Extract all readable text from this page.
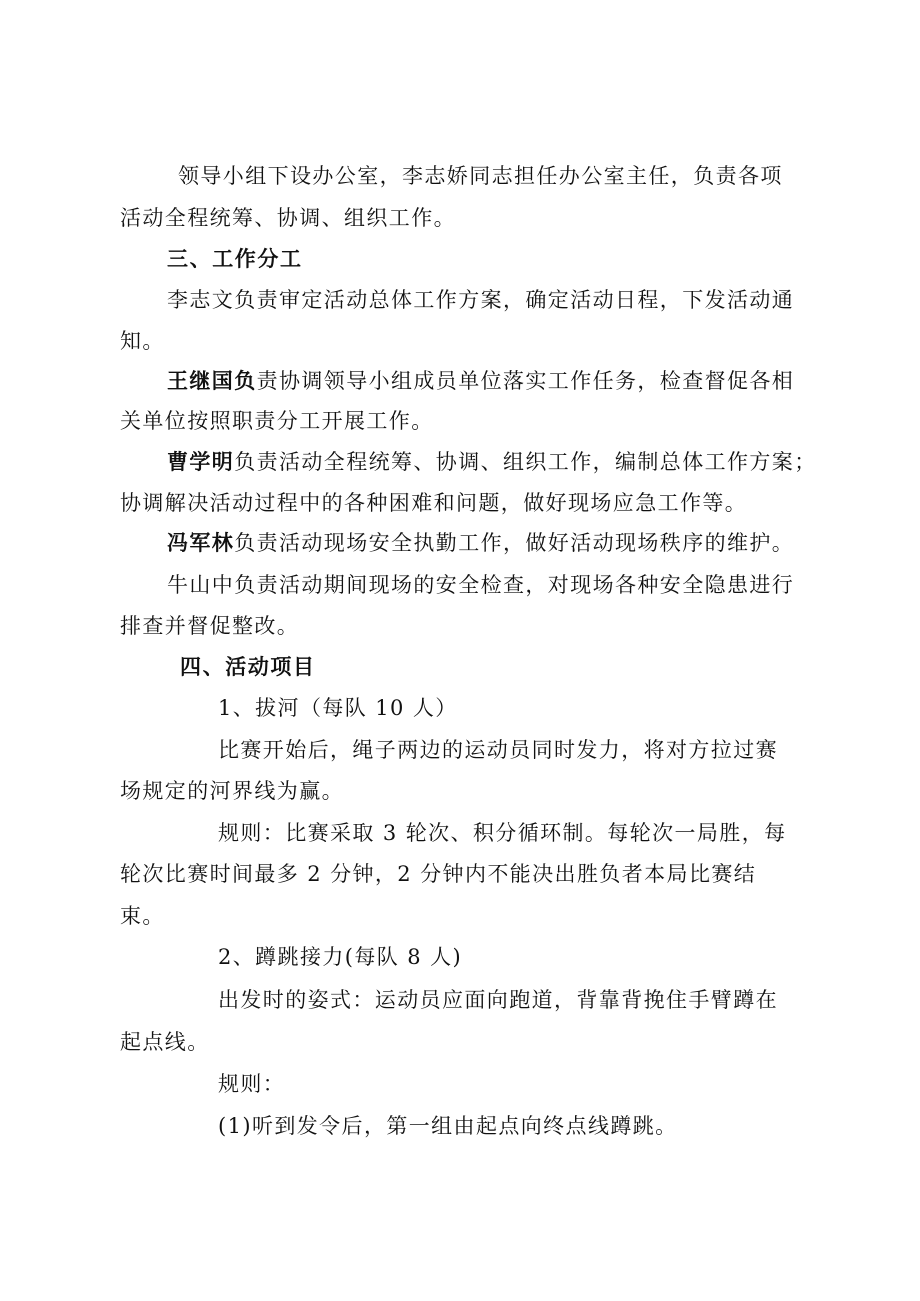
领导小组下设办公室，李志娇同志担任办公室主任，负责各项
活动全程统筹、协调、组织工作。
三、工作分工
李志文负责审定活动总体工作方案，确定活动日程，下发活动通
知。
王继国负责协调领导小组成员单位落实工作任务，检查督促各相
关单位按照职责分工开展工作。
曹学明负责活动全程统筹、协调、组织工作，编制总体工作方案；
协调解决活动过程中的各种困难和问题，做好现场应急工作等。
冯军林负责活动现场安全执勤工作，做好活动现场秩序的维护。
牛山中负责活动期间现场的安全检查，对现场各种安全隐患进行
排查并督促整改。
四、活动项目
1、拔河（每队 10 人）
比赛开始后，绳子两边的运动员同时发力，将对方拉过赛
场规定的河界线为赢。
规则：比赛采取 3 轮次、积分循环制。每轮次一局胜，每
轮次比赛时间最多 2 分钟，2 分钟内不能决出胜负者本局比赛结
束。
2、蹲跳接力(每队 8 人)
出发时的姿式：运动员应面向跑道，背靠背挽住手臂蹲在
起点线。
规则：
(1)听到发令后，第一组由起点向终点线蹲跳。
